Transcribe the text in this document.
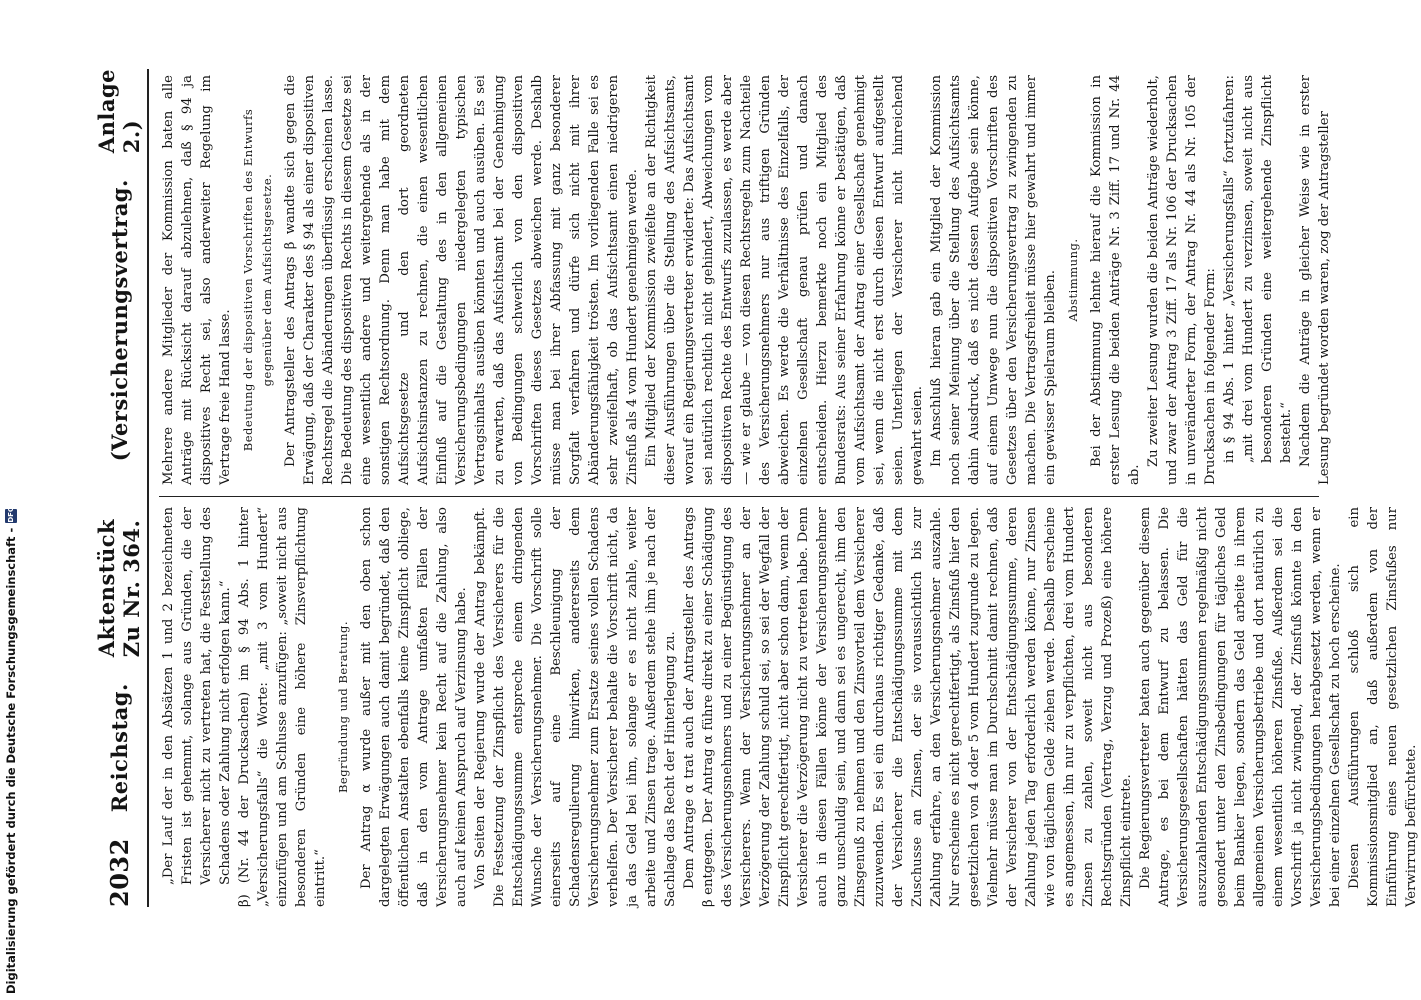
2032
Reichstag.
Aktenstück Zu Nr. 364.
(Versicherungsvertrag.
Anlage 2.)

„Der Lauf der in den Absätzen 1 und 2 bezeichneten Fristen ist gehemmt, solange aus Gründen, die der Versicherer nicht zu vertreten hat, die Feststellung des Schadens oder Zahlung nicht erfolgen kann.“ β) (Nr. 44 der Drucksachen) im § 94 Abs. 1 hinter „Versicherungsfalls“ die Worte: „mit 3 vom Hundert“ einzufügen und am Schlusse anzufügen: „soweit nicht aus besonderen Gründen eine höhere Zinsverpflichtung eintritt.“

Begründung und Beratung. Der Antrag α wurde außer mit den oben schon dargelegten Erwägungen auch damit begründet, daß den öffentlichen Anstalten ebenfalls keine Zinspflicht obliege, daß in den vom Antrage umfaßten Fällen der Versicherungsnehmer kein Recht auf die Zahlung, also auch auf keinen Anspruch auf Verzinsung habe. Von Seiten der Regierung wurde der Antrag bekämpft. Die Festsetzung der Zinspflicht des Versicherers für die Entschädigungssumme entspreche einem dringenden Wunsche der Versicherungsnehmer. Die Vorschrift solle einerseits auf eine Beschleunigung der Schadensregulierung hinwirken, andererseits dem Versicherungsnehmer zum Ersatze seines vollen Schadens verhelfen. Der Versicherer behalte die Vorschrift nicht, da ja das Geld bei ihm, solange er es nicht zahle, weiter arbeite und Zinsen trage. Außerdem stehe ihm je nach der Sachlage das Recht der Hinterlegung zu. Dem Antrage α trat auch der Antragsteller des Antrags β entgegen. Der Antrag α führe direkt zu einer Schädigung des Versicherungsnehmers und zu einer Begünstigung des Versicherers. Wenn der Versicherungsnehmer an der Verzögerung der Zahlung schuld sei, so sei der Wegfall der Zinspflicht gerechtfertigt, nicht aber schon dann, wenn der Versicherer die Verzögerung nicht zu vertreten habe. Denn auch in diesen Fällen könne der Versicherungsnehmer ganz unschuldig sein, und dann sei es ungerecht, ihm den Zinsgenuß zu nehmen und den Zinsvorteil dem Versicherer zuzuwenden. Es sei ein durchaus richtiger Gedanke, daß der Versicherer die Entschädigungssumme mit dem Zuschusse an Zinsen, der sie voraussichtlich bis zur Zahlung erfahre, an den Versicherungsnehmer auszahle. Nur erscheine es nicht gerechtfertigt, als Zinsfuß hier den gesetzlichen von 4 oder 5 vom Hundert zugrunde zu legen. Vielmehr müsse man im Durchschnitt damit rechnen, daß der Versicherer von der Entschädigungssumme, deren Zahlung jeden Tag erforderlich werden könne, nur Zinsen wie von täglichem Gelde ziehen werde. Deshalb erscheine es angemessen, ihn nur zu verpflichten, drei vom Hundert Zinsen zu zahlen, soweit nicht aus besonderen Rechtsgründen (Vertrag, Verzug und Prozeß) eine höhere Zinspflicht eintrete. Die Regierungsvertreter baten auch gegenüber diesem Antrage, es bei dem Entwurf zu belassen. Die Versicherungsgesellschaften hätten das Geld für die auszuzahlenden Entschädigungssummen regelmäßig nicht gesondert unter den Zinsbedingungen für tägliches Geld beim Bankier liegen, sondern das Geld arbeite in ihrem allgemeinen Versicherungsbetriebe und dort natürlich zu einem wesentlich höheren Zinsfuße. Außerdem sei die Vorschrift ja nicht zwingend, der Zinsfuß könnte in den Versicherungsbedingungen herabgesetzt werden, wenn er bei einer einzelnen Gesellschaft zu hoch erscheine. Diesen Ausführungen schloß sich ein Kommissionsmitglied an, daß außerdem von der Einführung eines neuen gesetzlichen Zinsfußes nur Verwirrung befürchtete.

Mehrere andere Mitglieder der Kommission baten alle Anträge mit Rücksicht darauf abzulehnen, daß § 94 ja dispositives Recht sei, also anderweiter Regelung im Vertrage freie Hand lasse. Bedeutung der dispositiven Vorschriften des Entwurfs gegenüber dem Aufsichtsgesetze. Der Antragsteller des Antrags β wandte sich gegen die Erwägung, daß der Charakter des § 94 als einer dispositiven Rechtsregel die Abänderungen überflüssig erscheinen lasse. Die Bedeutung des dispositiven Rechts in diesem Gesetze sei eine wesentlich andere und weitergehende als in der sonstigen Rechtsordnung. Denn man habe mit dem Aufsichtsgesetze und den dort geordneten Aufsichtsinstanzen zu rechnen, die einen wesentlichen Einfluß auf die Gestaltung des in den allgemeinen Versicherungsbedingungen niedergelegten typischen Vertragsinhalts ausüben könnten und auch ausüben. Es sei zu erwarten, daß das Aufsichtsamt bei der Genehmigung von Bedingungen schwerlich von den dispositiven Vorschriften dieses Gesetzes abweichen werde. Deshalb müsse man bei ihrer Abfassung mit ganz besonderer Sorgfalt verfahren und dürfe sich nicht mit ihrer Abänderungsfähigkeit trösten. Im vorliegenden Falle sei es sehr zweifelhaft, ob das Aufsichtsamt einen niedrigeren Zinsfuß als 4 vom Hundert genehmigen werde. Ein Mitglied der Kommission zweifelte an der Richtigkeit dieser Ausführungen über die Stellung des Aufsichtsamts, worauf ein Regierungsvertreter erwiderte: Das Aufsichtsamt sei natürlich rechtlich nicht gehindert, Abweichungen vom dispositiven Rechte des Entwurfs zuzulassen, es werde aber — wie er glaube — von diesen Rechtsregeln zum Nachteile des Versicherungsnehmers nur aus triftigen Gründen abweichen. Es werde die Verhältnisse des Einzelfalls, der einzelnen Gesellschaft genau prüfen und danach entscheiden. Hierzu bemerkte noch ein Mitglied des Bundesrats: Aus seiner Erfahrung könne er bestätigen, daß vom Aufsichtsamt der Antrag einer Gesellschaft genehmigt sei, wenn die nicht erst durch diesen Entwurf aufgestellt seien. Unterliegen der Versicherer nicht hinreichend gewahrt seien. Im Anschluß hieran gab ein Mitglied der Kommission noch seiner Meinung über die Stellung des Aufsichtsamts dahin Ausdruck, daß es nicht dessen Aufgabe sein könne, auf einem Umwege nun die dispositiven Vorschriften des Gesetzes über den Versicherungsvertrag zu zwingenden zu machen. Die Vertragsfreiheit müsse hier gewahrt und immer ein gewisser Spielraum bleiben. Abstimmung. Bei der Abstimmung lehnte hierauf die Kommission in erster Lesung die beiden Anträge Nr. 3 Ziff. 17 und Nr. 44 ab.

Zu zweiter Lesung wurden die beiden Anträge wiederholt, und zwar der Antrag 3 Ziff. 17 als Nr. 106 der Drucksachen in unveränderter Form, der Antrag Nr. 44 als Nr. 105 der Drucksachen in folgender Form: in § 94 Abs. 1 hinter „Versicherungsfalls“ fortzufahren: „mit drei vom Hundert zu verzinsen, soweit nicht aus besonderen Gründen eine weitergehende Zinspflicht besteht.“ Nachdem die Anträge in gleicher Weise wie in erster Lesung begründet worden waren, zog der Antragsteller

Digitalisierung gefördert durch die Deutsche Forschungsgemeinschaft -
DFG
